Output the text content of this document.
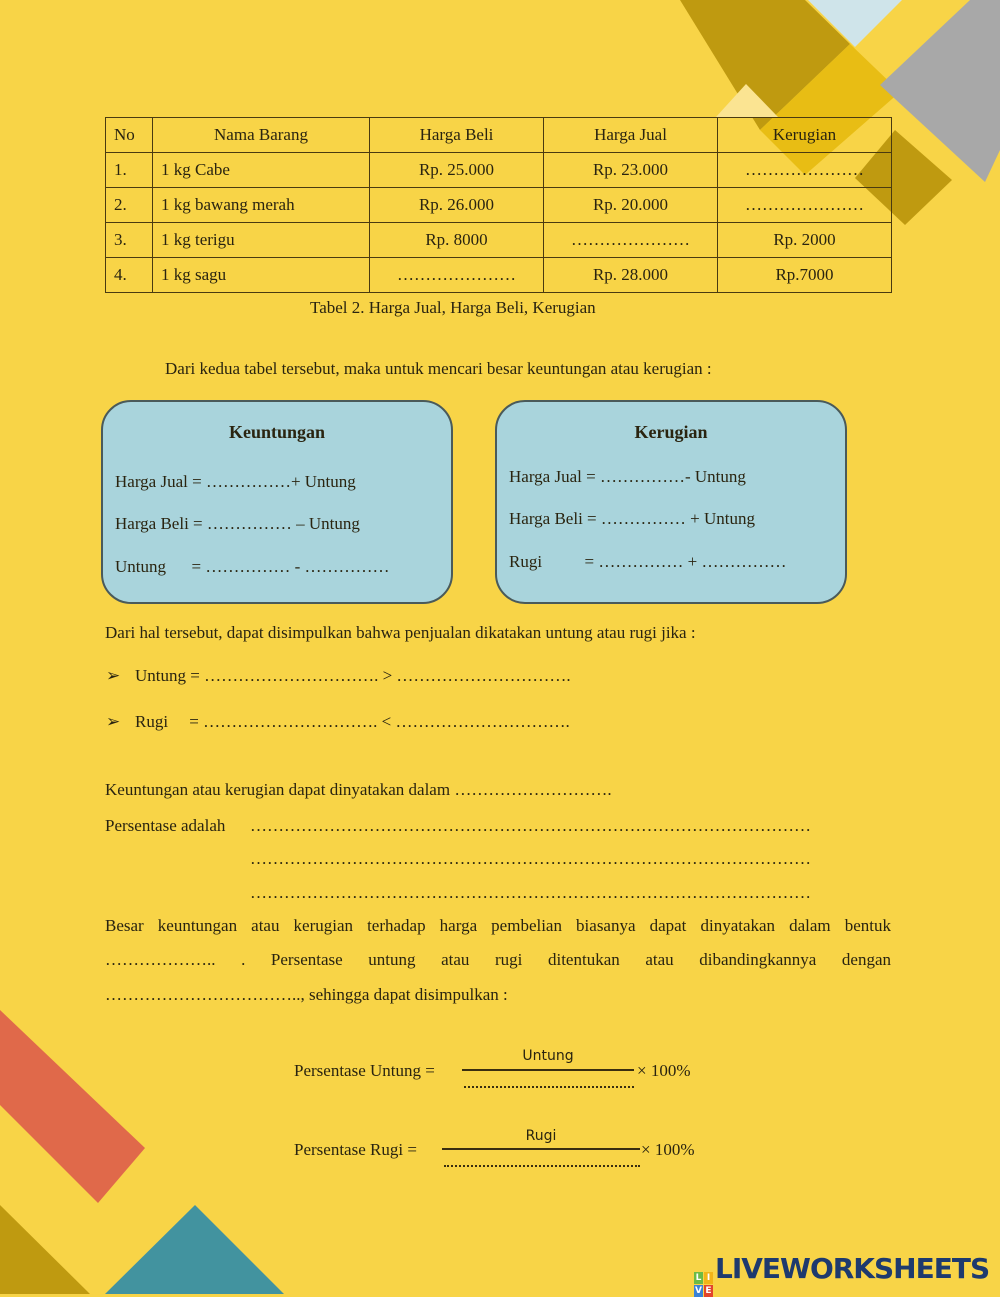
No	Nama Barang	Harga Beli	Harga Jual	Kerugian
1.	1 kg Cabe	Rp. 25.000	Rp. 23.000	…………………
2.	1 kg bawang merah	Rp. 26.000	Rp. 20.000	…………………
3.	1 kg terigu	Rp. 8000	…………………	Rp. 2000
4.	1 kg sagu	…………………	Rp. 28.000	Rp.7000
Tabel 2. Harga Jual, Harga Beli, Kerugian
Dari kedua tabel tersebut, maka untuk mencari besar keuntungan atau kerugian :
Keuntungan
Harga Jual = ……………+ Untung
Harga Beli = …………… – Untung
Untung      = …………… - ……………
Kerugian
Harga Jual = ……………- Untung
Harga Beli = …………… + Untung
Rugi          = …………… + ……………
Dari hal tersebut, dapat disimpulkan bahwa penjualan dikatakan untung atau rugi jika :
➢ Untung = …………………………. > ………………………….
➢ Rugi     = …………………………. < ………………………….
Keuntungan atau kerugian dapat dinyatakan dalam ……………………….
Persentase adalah ………………………………………………………………………………………
………………………………………………………………………………………
………………………………………………………………………………………
Besar keuntungan atau kerugian terhadap harga pembelian biasanya dapat dinyatakan dalam bentuk
……………….. . Persentase untung atau rugi ditentukan atau dibandingkannya dengan
…………………………….., sehingga dapat disimpulkan :
Persentase Untung =
Untung
× 100%
Persentase Rugi =
Rugi
× 100%
L I
V E
LIVEWORKSHEETS
